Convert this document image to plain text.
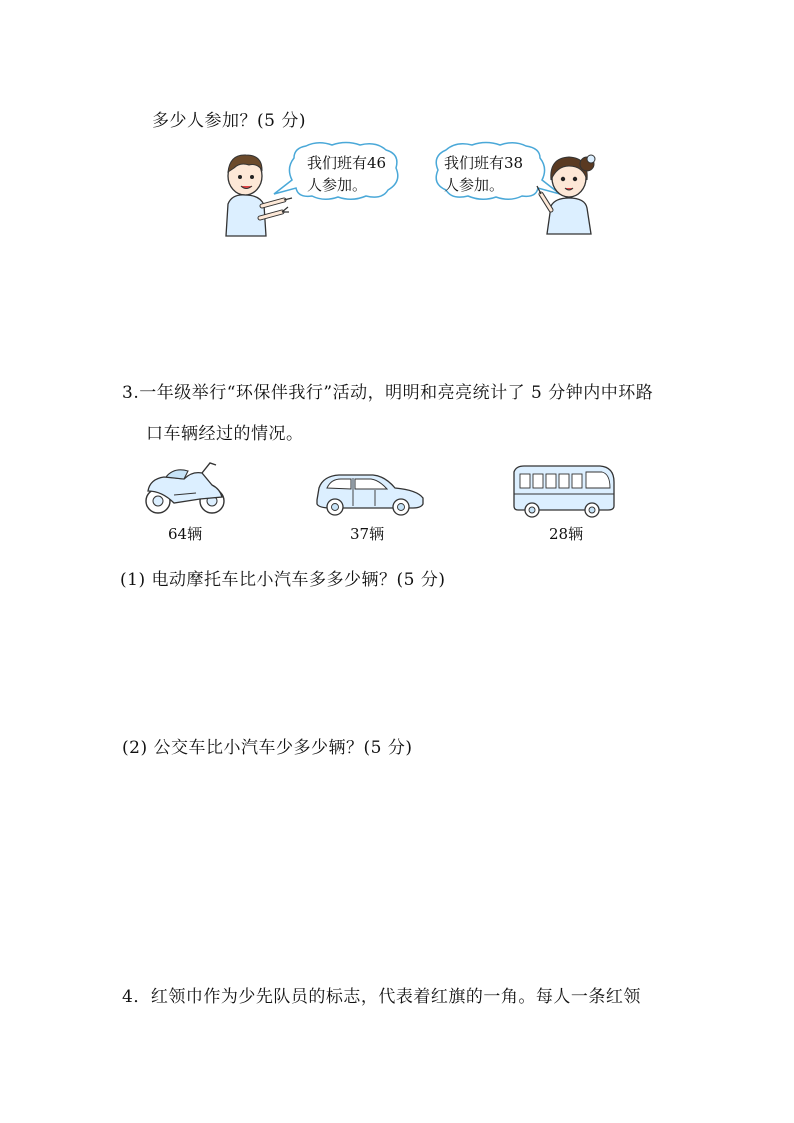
多少人参加？(5 分)
我们班有46
人参加。
我们班有38
人参加。
3.一年级举行“环保伴我行”活动，明明和亮亮统计了 5 分钟内中环路
口车辆经过的情况。
64辆	37辆	28辆
(1) 电动摩托车比小汽车多多少辆？(5 分)
(2) 公交车比小汽车少多少辆？(5 分)
4．红领巾作为少先队员的标志，代表着红旗的一角。每人一条红领
